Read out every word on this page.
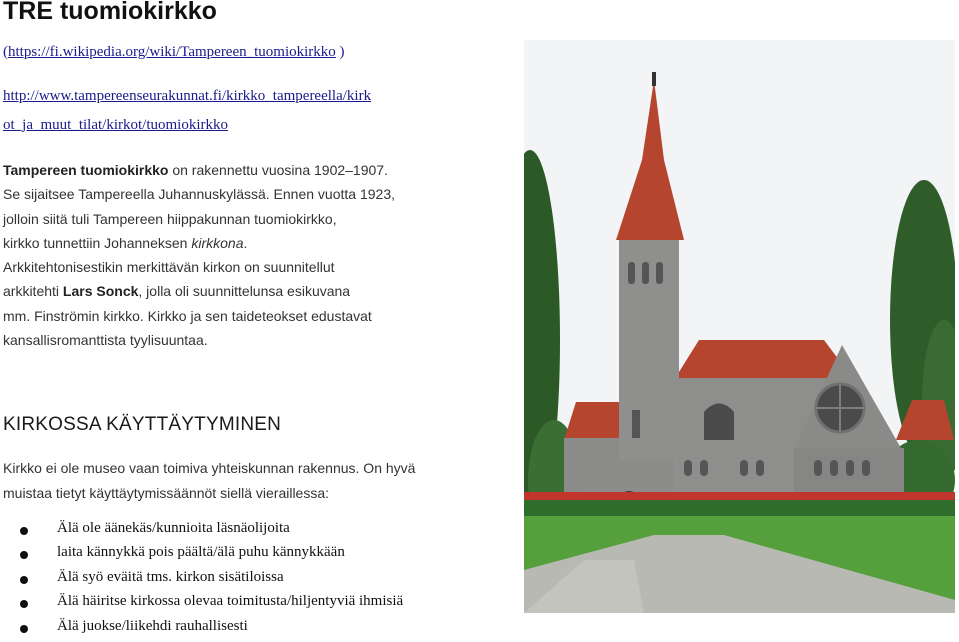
TRE tuomiokirkko
(https://fi.wikipedia.org/wiki/Tampereen_tuomiokirkko )
http://www.tampereenseurakunnat.fi/kirkko_tampereella/kirk
ot_ja_muut_tilat/kirkot/tuomiokirkko
Tampereen tuomiokirkko on rakennettu vuosina 1902–1907.
Se sijaitsee Tampereella Juhannuskylässä. Ennen vuotta 1923,
jolloin siitä tuli Tampereen hiippakunnan tuomiokirkko,
kirkko tunnettiin Johanneksen kirkkona.
Arkkitehtonisestikin merkittävän kirkon on suunnitellut
arkkitehti Lars Sonck, jolla oli suunnittelunsa esikuvana
mm. Finströmin kirkko. Kirkko ja sen taideteokset edustavat
kansallisromanttista tyylisuuntaa.
KIRKOSSA KÄYTTÄYTYMINEN
Kirkko ei ole museo vaan toimiva yhteiskunnan rakennus. On hyvä
muistaa tietyt käyttäytymissäännöt siellä vieraillessa:
Älä ole äänekäs/kunnioita läsnäolijoita
laita kännykkä pois päältä/älä puhu kännykkään
Älä syö eväitä tms. kirkon sisätiloissa
Älä häiritse kirkossa olevaa toimitusta/hiljentyviä ihmisiä
Älä juokse/liikehdi rauhallisesti
